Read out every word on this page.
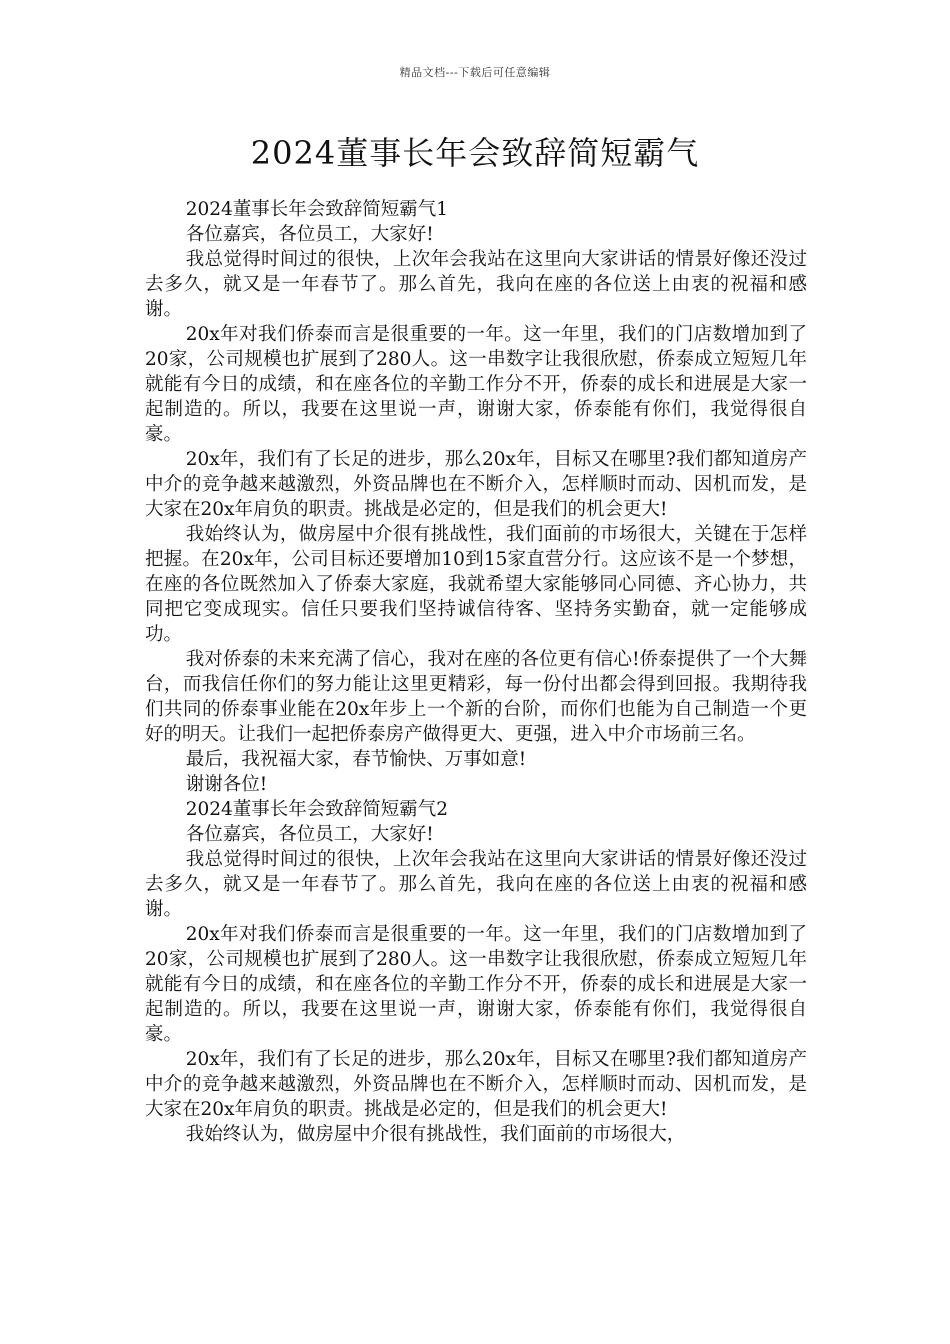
精品文档---下载后可任意编辑
2024董事长年会致辞简短霸气

2024董事长年会致辞简短霸气1

各位嘉宾，各位员工，大家好!

我总觉得时间过的很快，上次年会我站在这里向大家讲话的情景好像还没过去多久，就又是一年春节了。那么首先，我向在座的各位送上由衷的祝福和感谢。

20x年对我们侨泰而言是很重要的一年。这一年里，我们的门店数增加到了20家，公司规模也扩展到了280人。这一串数字让我很欣慰，侨泰成立短短几年就能有今日的成绩，和在座各位的辛勤工作分不开，侨泰的成长和进展是大家一起制造的。所以，我要在这里说一声，谢谢大家，侨泰能有你们，我觉得很自豪。

20x年，我们有了长足的进步，那么20x年，目标又在哪里?我们都知道房产中介的竞争越来越激烈，外资品牌也在不断介入，怎样顺时而动、因机而发，是大家在20x年肩负的职责。挑战是必定的，但是我们的机会更大!

我始终认为，做房屋中介很有挑战性，我们面前的市场很大，关键在于怎样把握。在20x年，公司目标还要增加10到15家直营分行。这应该不是一个梦想，在座的各位既然加入了侨泰大家庭，我就希望大家能够同心同德、齐心协力，共同把它变成现实。信任只要我们坚持诚信待客、坚持务实勤奋，就一定能够成功。

我对侨泰的未来充满了信心，我对在座的各位更有信心!侨泰提供了一个大舞台，而我信任你们的努力能让这里更精彩，每一份付出都会得到回报。我期待我们共同的侨泰事业能在20x年步上一个新的台阶，而你们也能为自己制造一个更好的明天。让我们一起把侨泰房产做得更大、更强，进入中介市场前三名。

最后，我祝福大家，春节愉快、万事如意!

谢谢各位!

2024董事长年会致辞简短霸气2

各位嘉宾，各位员工，大家好!

我总觉得时间过的很快，上次年会我站在这里向大家讲话的情景好像还没过去多久，就又是一年春节了。那么首先，我向在座的各位送上由衷的祝福和感谢。

20x年对我们侨泰而言是很重要的一年。这一年里，我们的门店数增加到了20家，公司规模也扩展到了280人。这一串数字让我很欣慰，侨泰成立短短几年就能有今日的成绩，和在座各位的辛勤工作分不开，侨泰的成长和进展是大家一起制造的。所以，我要在这里说一声，谢谢大家，侨泰能有你们，我觉得很自豪。

20x年，我们有了长足的进步，那么20x年，目标又在哪里?我们都知道房产中介的竞争越来越激烈，外资品牌也在不断介入，怎样顺时而动、因机而发，是大家在20x年肩负的职责。挑战是必定的，但是我们的机会更大!

我始终认为，做房屋中介很有挑战性，我们面前的市场很大，
